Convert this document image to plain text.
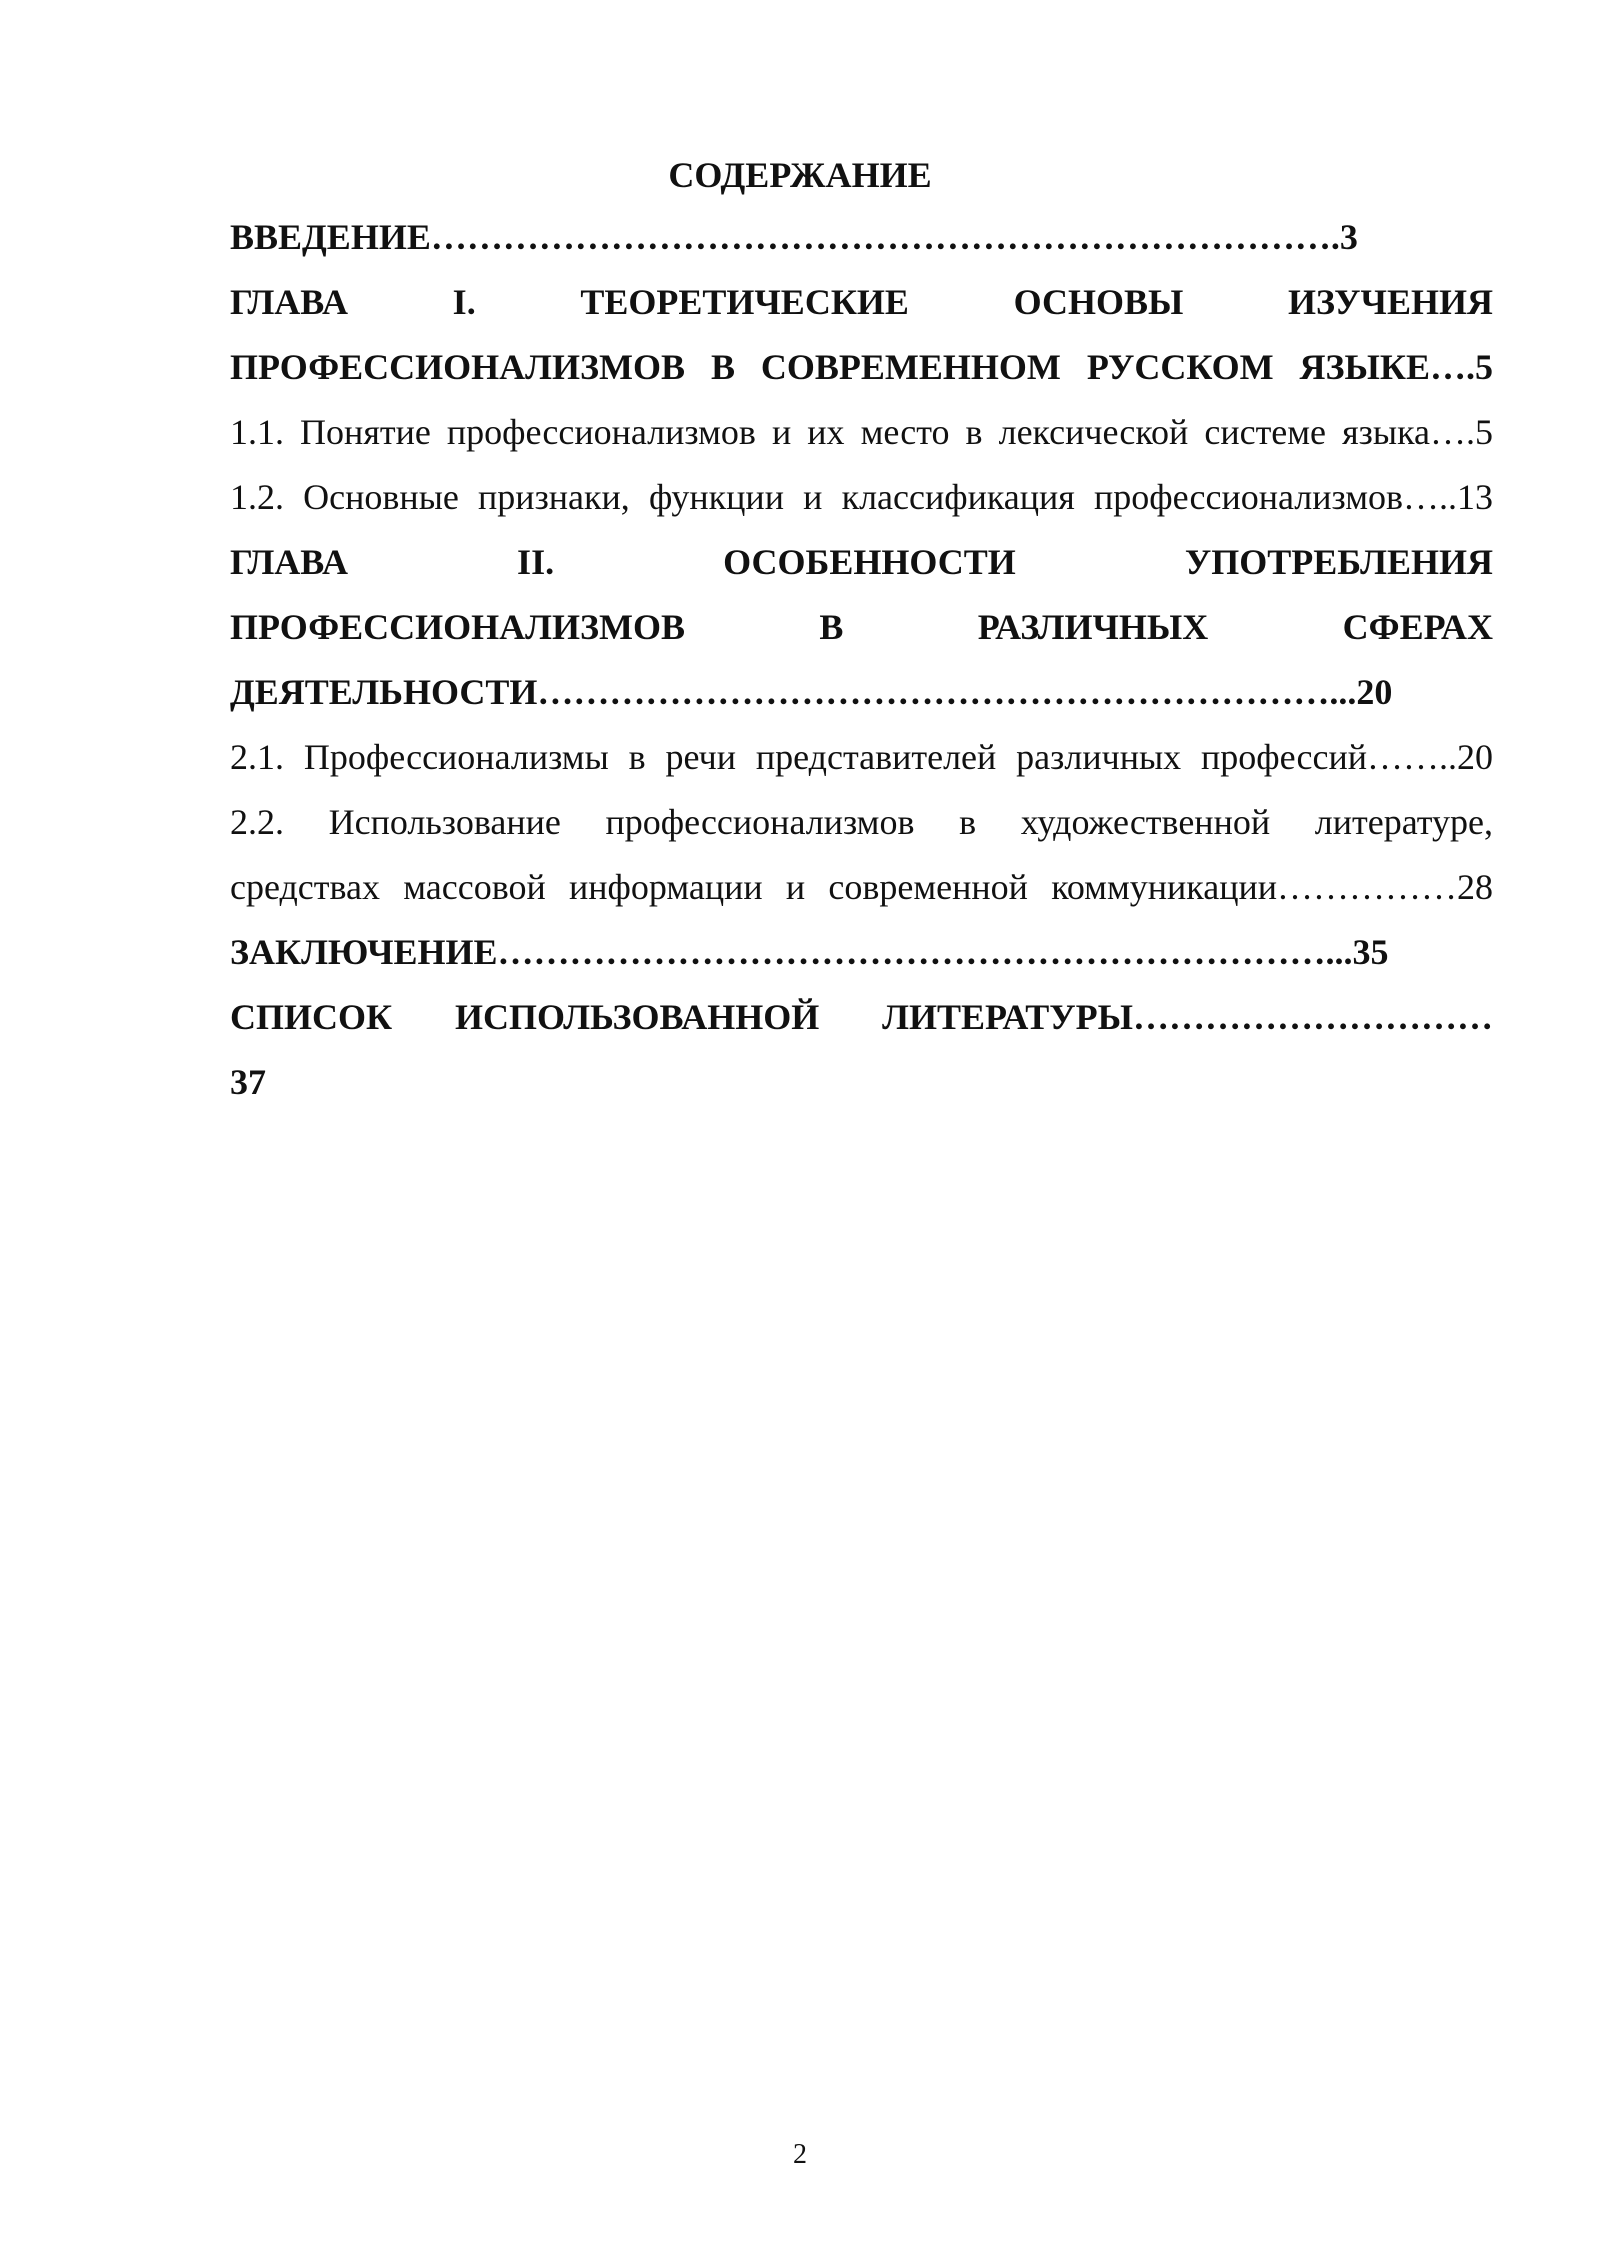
СОДЕРЖАНИЕ
ВВЕДЕНИЕ………………………………………………………………….3
ГЛАВА I. ТЕОРЕТИЧЕСКИЕ ОСНОВЫ ИЗУЧЕНИЯ
ПРОФЕССИОНАЛИЗМОВ В СОВРЕМЕННОМ РУССКОМ ЯЗЫКЕ….5
1.1. Понятие профессионализмов и их место в лексической системе языка….5
1.2. Основные признаки, функции и классификация профессионализмов…..13
ГЛАВА II. ОСОБЕННОСТИ УПОТРЕБЛЕНИЯ
ПРОФЕССИОНАЛИЗМОВ В РАЗЛИЧНЫХ СФЕРАХ
ДЕЯТЕЛЬНОСТИ…………………………………………………………...20
2.1. Профессионализмы в речи представителей различных профессий……..20
2.2. Использование профессионализмов в художественной литературе,
средствах массовой информации и современной коммуникации……………28
ЗАКЛЮЧЕНИЕ……………………………………………………………...35
СПИСОК ИСПОЛЬЗОВАННОЙ ЛИТЕРАТУРЫ…………………………
37
2
